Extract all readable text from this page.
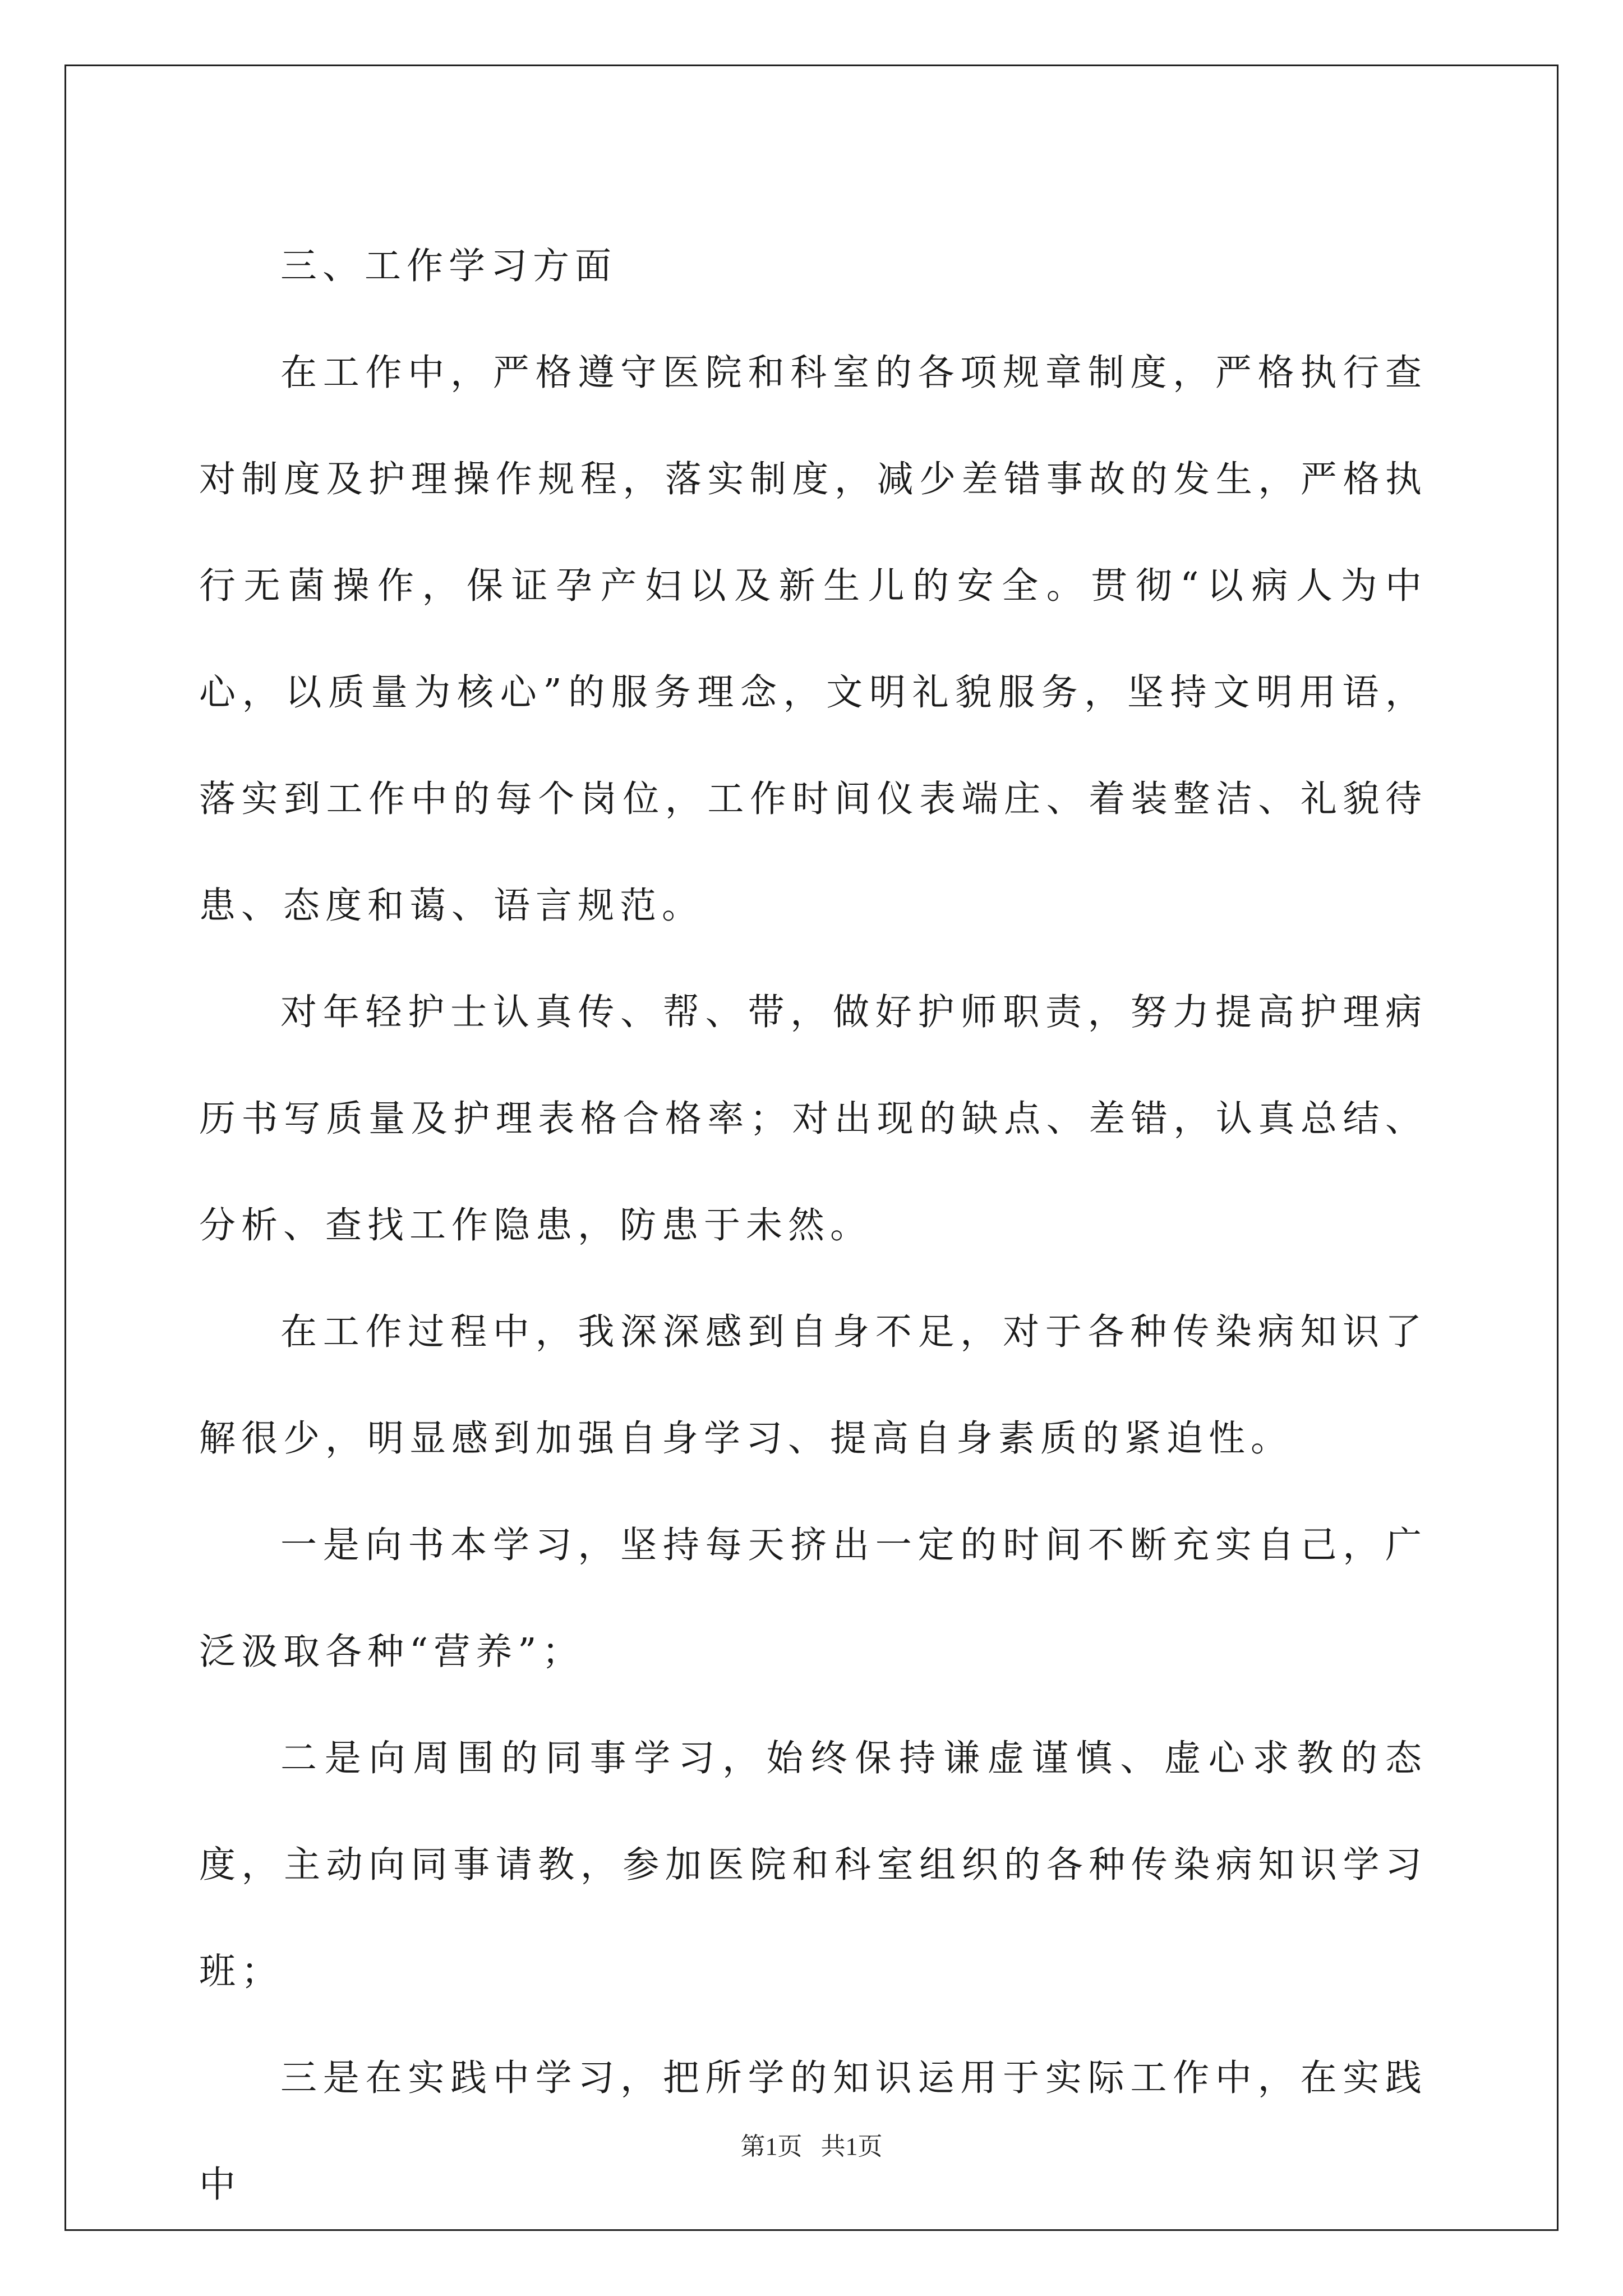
三、工作学习方面

在工作中，严格遵守医院和科室的各项规章制度，严格执行查对制度及护理操作规程，落实制度，减少差错事故的发生，严格执行无菌操作，保证孕产妇以及新生儿的安全。贯彻“以病人为中心，以质量为核心”的服务理念，文明礼貌服务，坚持文明用语，落实到工作中的每个岗位，工作时间仪表端庄、着装整洁、礼貌待患、态度和蔼、语言规范。

对年轻护士认真传、帮、带，做好护师职责，努力提高护理病历书写质量及护理表格合格率；对出现的缺点、差错，认真总结、分析、查找工作隐患，防患于未然。

在工作过程中，我深深感到自身不足，对于各种传染病知识了解很少，明显感到加强自身学习、提高自身素质的紧迫性。

一是向书本学习，坚持每天挤出一定的时间不断充实自己，广泛汲取各种“营养”；

二是向周围的同事学习，始终保持谦虚谨慎、虚心求教的态度，主动向同事请教，参加医院和科室组织的各种传染病知识学习班；

三是在实践中学习，把所学的知识运用于实际工作中，在实践中

第1页 共1页
